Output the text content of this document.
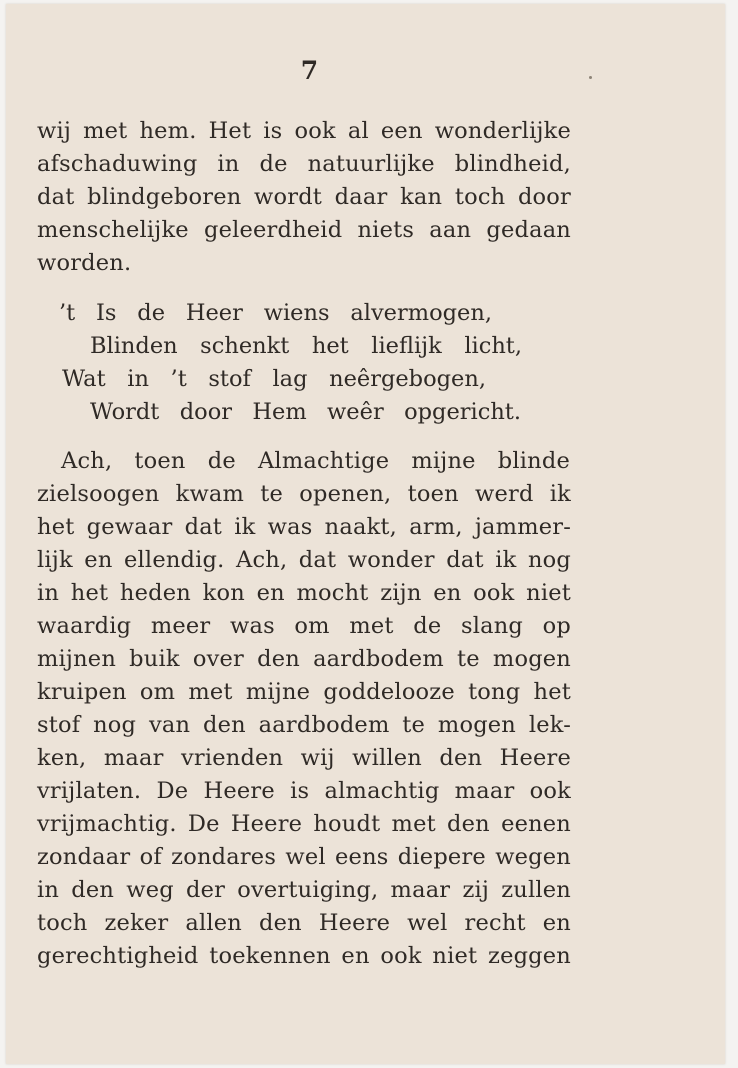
7
wij met hem. Het is ook al een wonderlijke
afschaduwing in de natuurlijke blindheid,
dat blindgeboren wordt daar kan toch door
menschelijke geleerdheid niets aan gedaan
worden.
’t Is de Heer wiens alvermogen,
Blinden schenkt het lieflijk licht,
Wat in ’t stof lag neêrgebogen,
Wordt door Hem weêr opgericht.
Ach, toen de Almachtige mijne blinde
zielsoogen kwam te openen, toen werd ik
het gewaar dat ik was naakt, arm, jammer-
lijk en ellendig. Ach, dat wonder dat ik nog
in het heden kon en mocht zijn en ook niet
waardig meer was om met de slang op
mijnen buik over den aardbodem te mogen
kruipen om met mijne goddelooze tong het
stof nog van den aardbodem te mogen lek-
ken, maar vrienden wij willen den Heere
vrijlaten. De Heere is almachtig maar ook
vrijmachtig. De Heere houdt met den eenen
zondaar of zondares wel eens diepere wegen
in den weg der overtuiging, maar zij zullen
toch zeker allen den Heere wel recht en
gerechtigheid toekennen en ook niet zeggen
